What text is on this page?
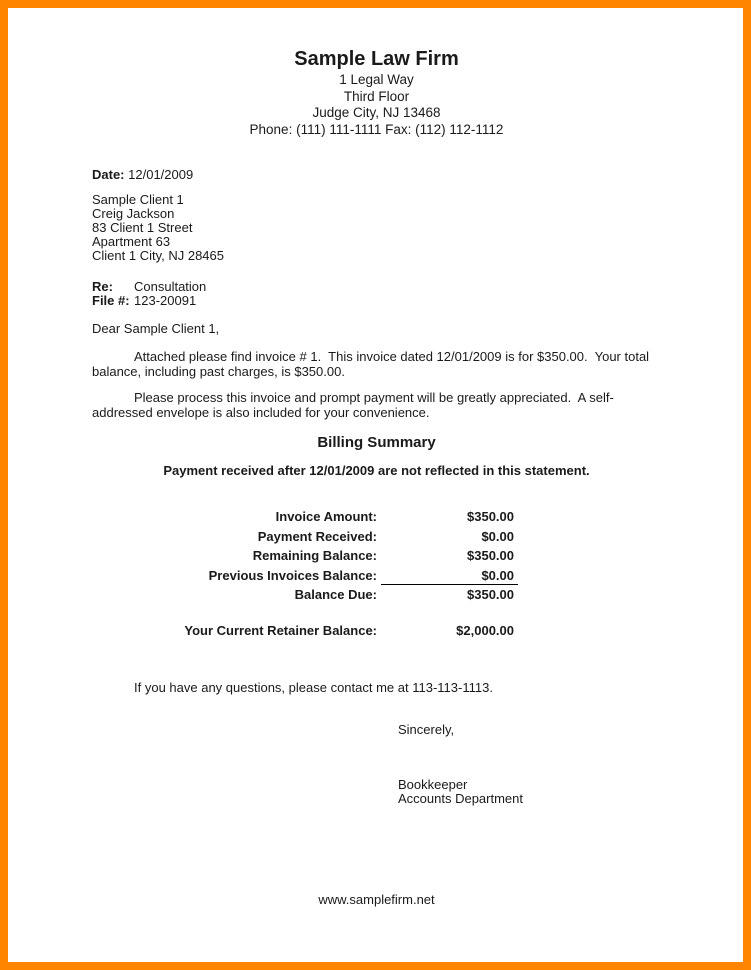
Sample Law Firm
1 Legal Way
Third Floor
Judge City, NJ 13468
Phone: (111) 111-1111 Fax: (112) 112-1112
Date: 12/01/2009
Sample Client 1
Creig Jackson
83 Client 1 Street
Apartment 63
Client 1 City, NJ 28465
Re: Consultation
File #: 123-20091
Dear Sample Client 1,

Attached please find invoice # 1.  This invoice dated 12/01/2009 is for $350.00.  Your total balance, including past charges, is $350.00.

Please process this invoice and prompt payment will be greatly appreciated.  A self-addressed envelope is also included for your convenience.

Billing Summary
Payment received after 12/01/2009 are not reflected in this statement.
Invoice Amount:	$350.00
Payment Received:	$0.00
Remaining Balance:	$350.00
Previous Invoices Balance:	$0.00
Balance Due:	$350.00
Your Current Retainer Balance:	$2,000.00
If you have any questions, please contact me at 113-113-1113.
Sincerely,
Bookkeeper
Accounts Department
www.samplefirm.net
